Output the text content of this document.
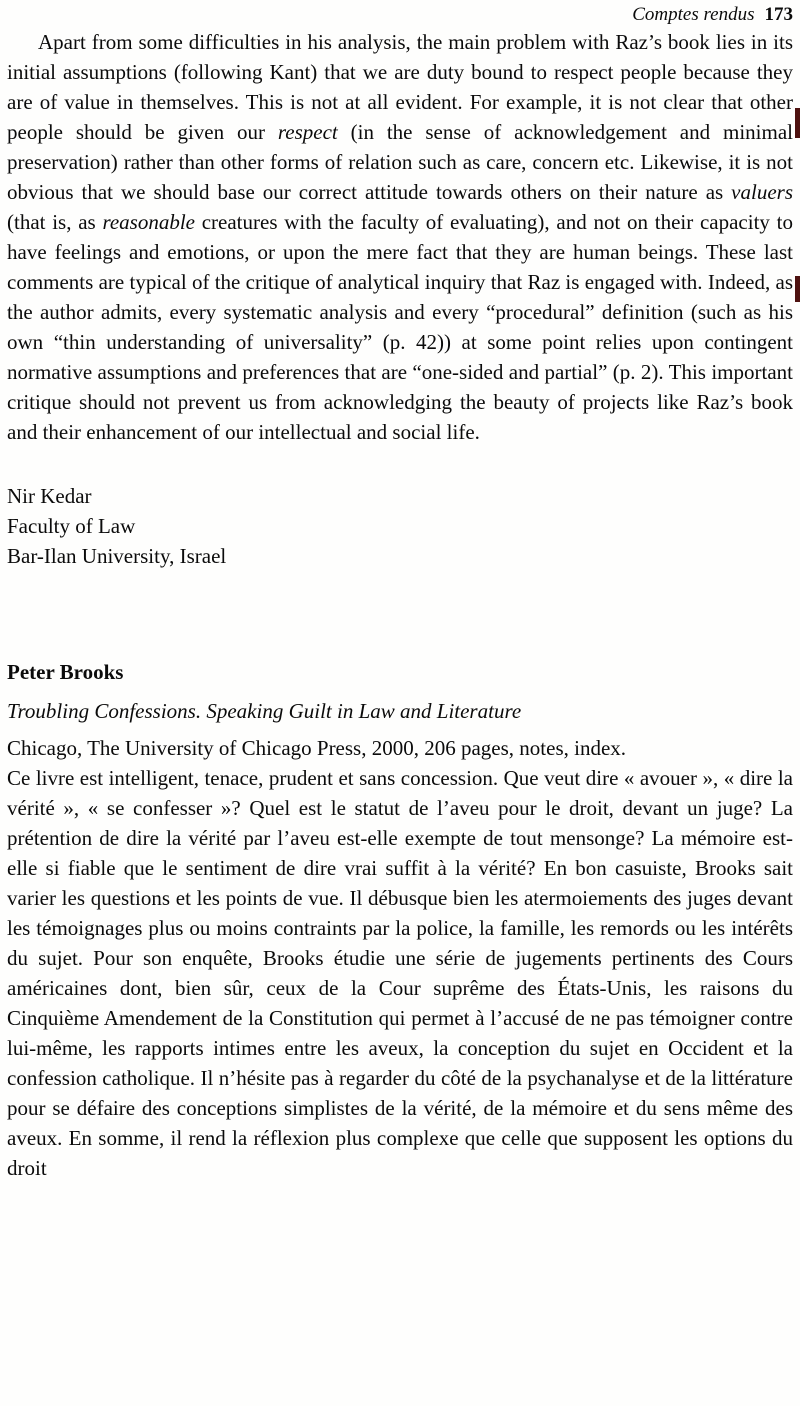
Comptes rendus 173

Apart from some difficulties in his analysis, the main problem with Raz’s book lies in its initial assumptions (following Kant) that we are duty bound to respect people because they are of value in themselves. This is not at all evident. For example, it is not clear that other people should be given our respect (in the sense of acknowledgement and minimal preservation) rather than other forms of relation such as care, concern etc. Likewise, it is not obvious that we should base our correct attitude towards others on their nature as valuers (that is, as reasonable creatures with the faculty of evaluating), and not on their capacity to have feelings and emotions, or upon the mere fact that they are human beings. These last comments are typical of the critique of analytical inquiry that Raz is engaged with. Indeed, as the author admits, every systematic analysis and every “procedural” definition (such as his own “thin understanding of universality” (p. 42)) at some point relies upon contingent normative assumptions and preferences that are “one-sided and partial” (p. 2). This important critique should not prevent us from acknowledging the beauty of projects like Raz’s book and their enhancement of our intellectual and social life.

Nir Kedar
Faculty of Law
Bar-Ilan University, Israel
Peter Brooks
Troubling Confessions. Speaking Guilt in Law and Literature
Chicago, The University of Chicago Press, 2000, 206 pages, notes, index.

Ce livre est intelligent, tenace, prudent et sans concession. Que veut dire « avouer », « dire la vérité », « se confesser »? Quel est le statut de l’aveu pour le droit, devant un juge? La prétention de dire la vérité par l’aveu est-elle exempte de tout mensonge? La mémoire est-elle si fiable que le sentiment de dire vrai suffit à la vérité? En bon casuiste, Brooks sait varier les questions et les points de vue. Il débusque bien les atermoiements des juges devant les témoignages plus ou moins contraints par la police, la famille, les remords ou les intérêts du sujet. Pour son enquête, Brooks étudie une série de jugements pertinents des Cours américaines dont, bien sûr, ceux de la Cour suprême des États-Unis, les raisons du Cinquième Amendement de la Constitution qui permet à l’accusé de ne pas témoigner contre lui-même, les rapports intimes entre les aveux, la conception du sujet en Occident et la confession catholique. Il n’hésite pas à regarder du côté de la psychanalyse et de la littérature pour se défaire des conceptions simplistes de la vérité, de la mémoire et du sens même des aveux. En somme, il rend la réflexion plus complexe que celle que supposent les options du droit
